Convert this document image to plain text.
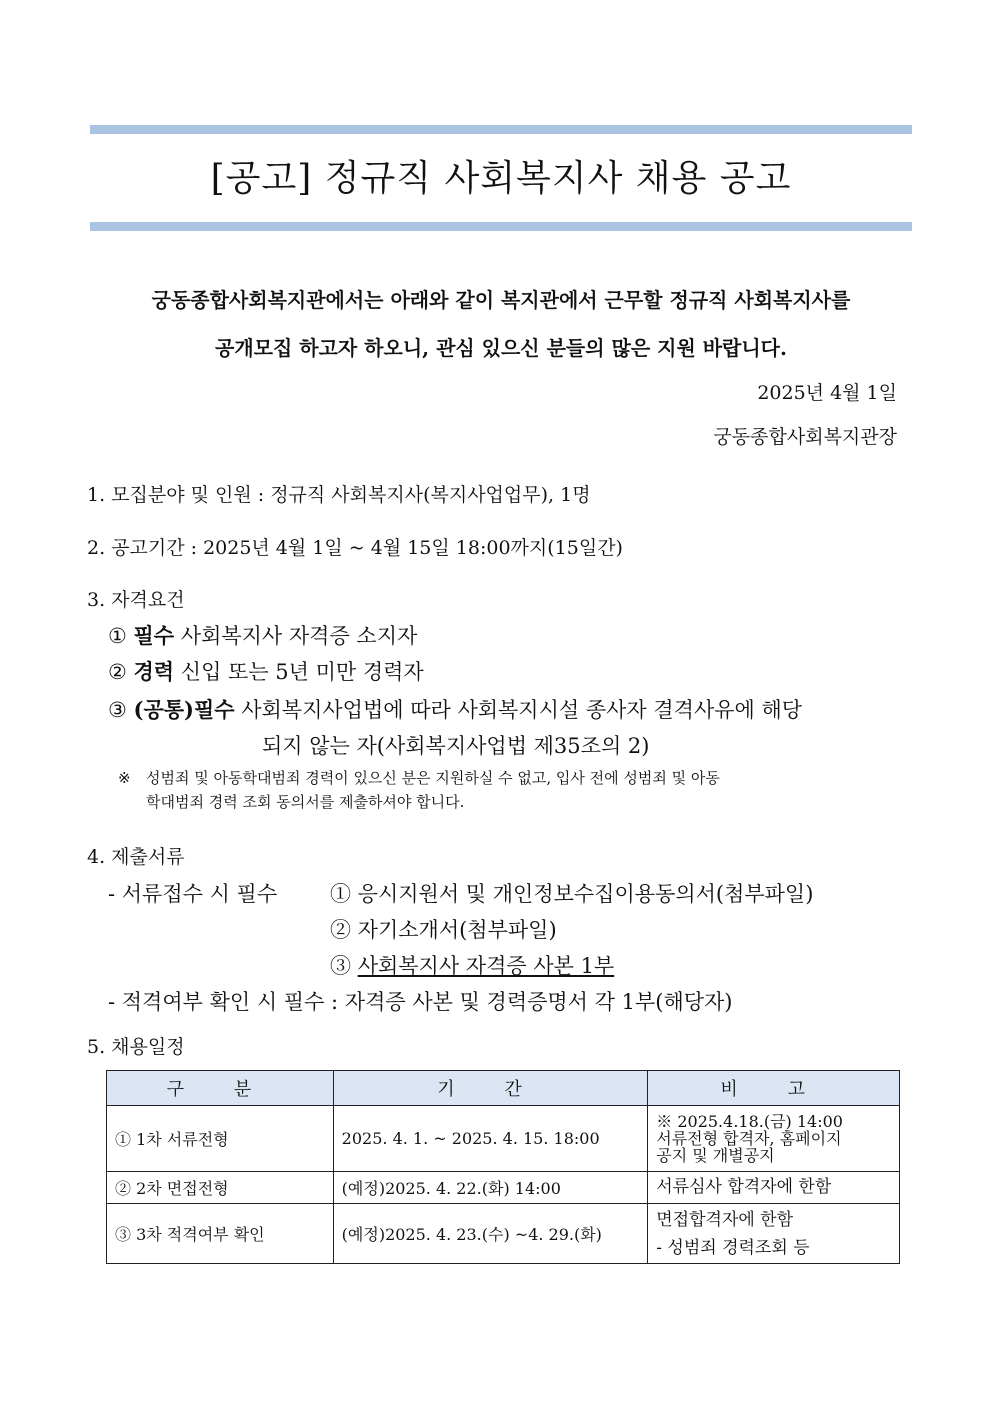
[공고] 정규직 사회복지사 채용 공고
궁동종합사회복지관에서는 아래와 같이 복지관에서 근무할 정규직 사회복지사를
공개모집 하고자 하오니, 관심 있으신 분들의 많은 지원 바랍니다.
2025년 4월 1일
궁동종합사회복지관장
1. 모집분야 및 인원 : 정규직 사회복지사(복지사업업무), 1명
2. 공고기간 : 2025년 4월 1일 ~ 4월 15일 18:00까지(15일간)
3. 자격요건
① 필수 사회복지사 자격증 소지자
② 경력 신입 또는 5년 미만 경력자
③ (공통)필수 사회복지사업법에 따라 사회복지시설 종사자 결격사유에 해당
되지 않는 자(사회복지사업법 제35조의 2)
※ 성범죄 및 아동학대범죄 경력이 있으신 분은 지원하실 수 없고, 입사 전에 성범죄 및 아동
학대범죄 경력 조회 동의서를 제출하셔야 합니다.
4. 제출서류
- 서류접수 시 필수	① 응시지원서 및 개인정보수집이용동의서(첨부파일)
② 자기소개서(첨부파일)
③ 사회복지사 자격증 사본 1부
- 적격여부 확인 시 필수 : 자격증 사본 및 경력증명서 각 1부(해당자)
5. 채용일정
구 분	기 간	비 고
① 1차 서류전형	2025. 4. 1. ~ 2025. 4. 15. 18:00	※ 2025.4.18.(금) 14:00
서류전형 합격자, 홈페이지
공지 및 개별공지

② 2차 면접전형	(예정)2025. 4. 22.(화) 14:00	서류심사 합격자에 한함
③ 3차 적격여부 확인	(예정)2025. 4. 23.(수) ~4. 29.(화)	면접합격자에 한함
- 성범죄 경력조회 등
